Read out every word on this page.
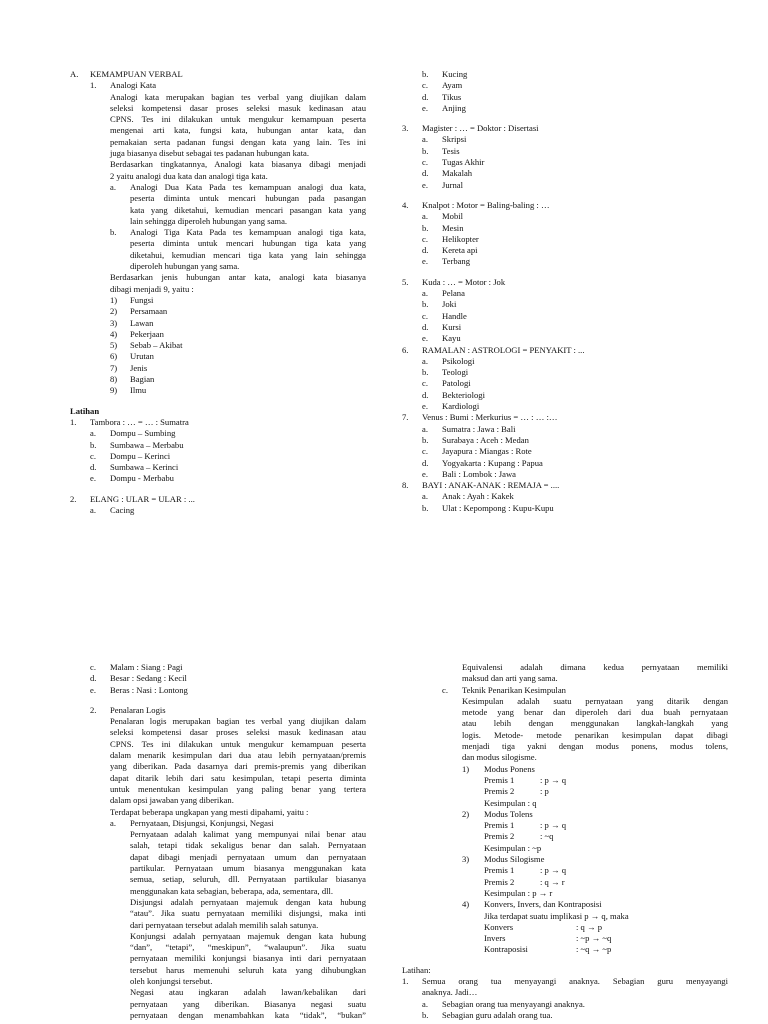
A. KEMAMPUAN VERBAL
1. Analogi Kata
Analogi kata merupakan bagian tes verbal yang diujikan dalam
seleksi kompetensi dasar proses seleksi masuk kedinasan atau
CPNS. Tes ini dilakukan untuk mengukur kemampuan peserta
mengenai arti kata, fungsi kata, hubungan antar kata, dan
pemakaian serta padanan fungsi dengan kata yang lain. Tes ini
juga biasanya disebut sebagai tes padanan hubungan kata.
Berdasarkan tingkatannya, Analogi kata biasanya dibagi menjadi
2 yaitu analogi dua kata dan analogi tiga kata.
a. Analogi Dua Kata Pada tes kemampuan analogi dua kata,
peserta diminta untuk mencari hubungan pada pasangan
kata yang diketahui, kemudian mencari pasangan kata yang
lain sehingga diperoleh hubungan yang sama.
b. Analogi Tiga Kata Pada tes kemampuan analogi tiga kata,
peserta diminta untuk mencari hubungan tiga kata yang
diketahui, kemudian mencari tiga kata yang lain sehingga
diperoleh hubungan yang sama.
Berdasarkan jenis hubungan antar kata, analogi kata biasanya
dibagi menjadi 9, yaitu :
1) Fungsi
2) Persamaan
3) Lawan
4) Pekerjaan
5) Sebab – Akibat
6) Urutan
7) Jenis
8) Bagian
9) Ilmu
Latihan
1. Tambora : … = … : Sumatra
a. Dompu – Sumbing
b. Sumbawa – Merbabu
c. Dompu – Kerinci
d. Sumbawa – Kerinci
e. Dompu - Merbabu
2. ELANG : ULAR = ULAR : ...
a. Cacing
b. Kucing
c. Ayam
d. Tikus
e. Anjing
3. Magister : … = Doktor : Disertasi
a. Skripsi
b. Tesis
c. Tugas Akhir
d. Makalah
e. Jurnal
4. Knalpot : Motor = Baling-baling : …
a. Mobil
b. Mesin
c. Helikopter
d. Kereta api
e. Terbang
5. Kuda : … = Motor : Jok
a. Pelana
b. Joki
c. Handle
d. Kursi
e. Kayu
6. RAMALAN : ASTROLOGI = PENYAKIT : ...
a. Psikologi
b. Teologi
c. Patologi
d. Bekteriologi
e. Kardiologi
7. Venus : Bumi : Merkurius = … : … :…
a. Sumatra : Jawa : Bali
b. Surabaya : Aceh : Medan
c. Jayapura : Miangas : Rote
d. Yogyakarta : Kupang : Papua
e. Bali : Lombok : Jawa
8. BAYI : ANAK-ANAK : REMAJA = ....
a. Anak : Ayah : Kakek
b. Ulat : Kepompong : Kupu-Kupu
c. Malam : Siang : Pagi
d. Besar : Sedang : Kecil
e. Beras : Nasi : Lontong
2. Penalaran Logis
Penalaran logis merupakan bagian tes verbal yang diujikan dalam
seleksi kompetensi dasar proses seleksi masuk kedinasan atau
CPNS. Tes ini dilakukan untuk mengukur kemampuan peserta
dalam menarik kesimpulan dari dua atau lebih pernyataan/premis
yang diberikan. Pada dasarnya dari premis-premis yang diberikan
dapat ditarik lebih dari satu kesimpulan, tetapi peserta diminta
untuk menentukan kesimpulan yang paling benar yang tertera
dalam opsi jawaban yang diberikan.
Terdapat beberapa ungkapan yang mesti dipahami, yaitu :
a. Pernyataan, Disjungsi, Konjungsi, Negasi
Pernyataan adalah kalimat yang mempunyai nilai benar atau
salah, tetapi tidak sekaligus benar dan salah. Pernyataan
dapat dibagi menjadi pernyataan umum dan pernyataan
partikular. Pernyataan umum biasanya menggunakan kata
semua, setiap, seluruh, dll. Pernyataan partikular biasanya
menggunakan kata sebagian, beberapa, ada, sementara, dll.
Disjungsi adalah pernyataan majemuk dengan kata hubung
“atau”. Jika suatu pernyataan memiliki disjungsi, maka inti
dari pernyataan tersebut adalah memilih salah satunya.
Konjungsi adalah pernyataan majemuk dengan kata hubung
“dan”, “tetapi”, “meskipun”, “walaupun”. Jika suatu
pernyataan memiliki konjungsi biasanya inti dari pernyataan
tersebut harus memenuhi seluruh kata yang dihubungkan
oleh konjungsi tersebut.
Negasi atau ingkaran adalah lawan/kebalikan dari
pernyataan yang diberikan. Biasanya negasi suatu
pernyataan dengan menambahkan kata “tidak”, “bukan”
Equivalensi adalah dimana kedua pernyataan memiliki
maksud dan arti yang sama.
c. Teknik Penarikan Kesimpulan
Kesimpulan adalah suatu pernyataan yang ditarik dengan
metode yang benar dan diperoleh dari dua buah pernyataan
atau lebih dengan menggunakan langkah-langkah yang
logis. Metode- metode penarikan kesimpulan dapat dibagi
menjadi tiga yakni dengan modus ponens, modus tolens,
dan modus silogisme.
1) Modus Ponens
Premis 1	: p → q
Premis 2	: p
Kesimpulan : q
2) Modus Tolens
Premis 1	: p → q
Premis 2	: ~q
Kesimpulan : ~p
3) Modus Silogisme
Premis 1	: p → q
Premis 2	: q → r
Kesimpulan : p → r
4) Konvers, Invers, dan Kontraposisi
Jika terdapat suatu implikasi p → q, maka
Konvers	: q → p
Invers	: ~p → ~q
Kontraposisi	: ~q → ~p
Latihan:
1. Semua orang tua menyayangi anaknya. Sebagian guru menyayangi
anaknya. Jadi…
a. Sebagian orang tua menyayangi anaknya.
b. Sebagian guru adalah orang tua.
